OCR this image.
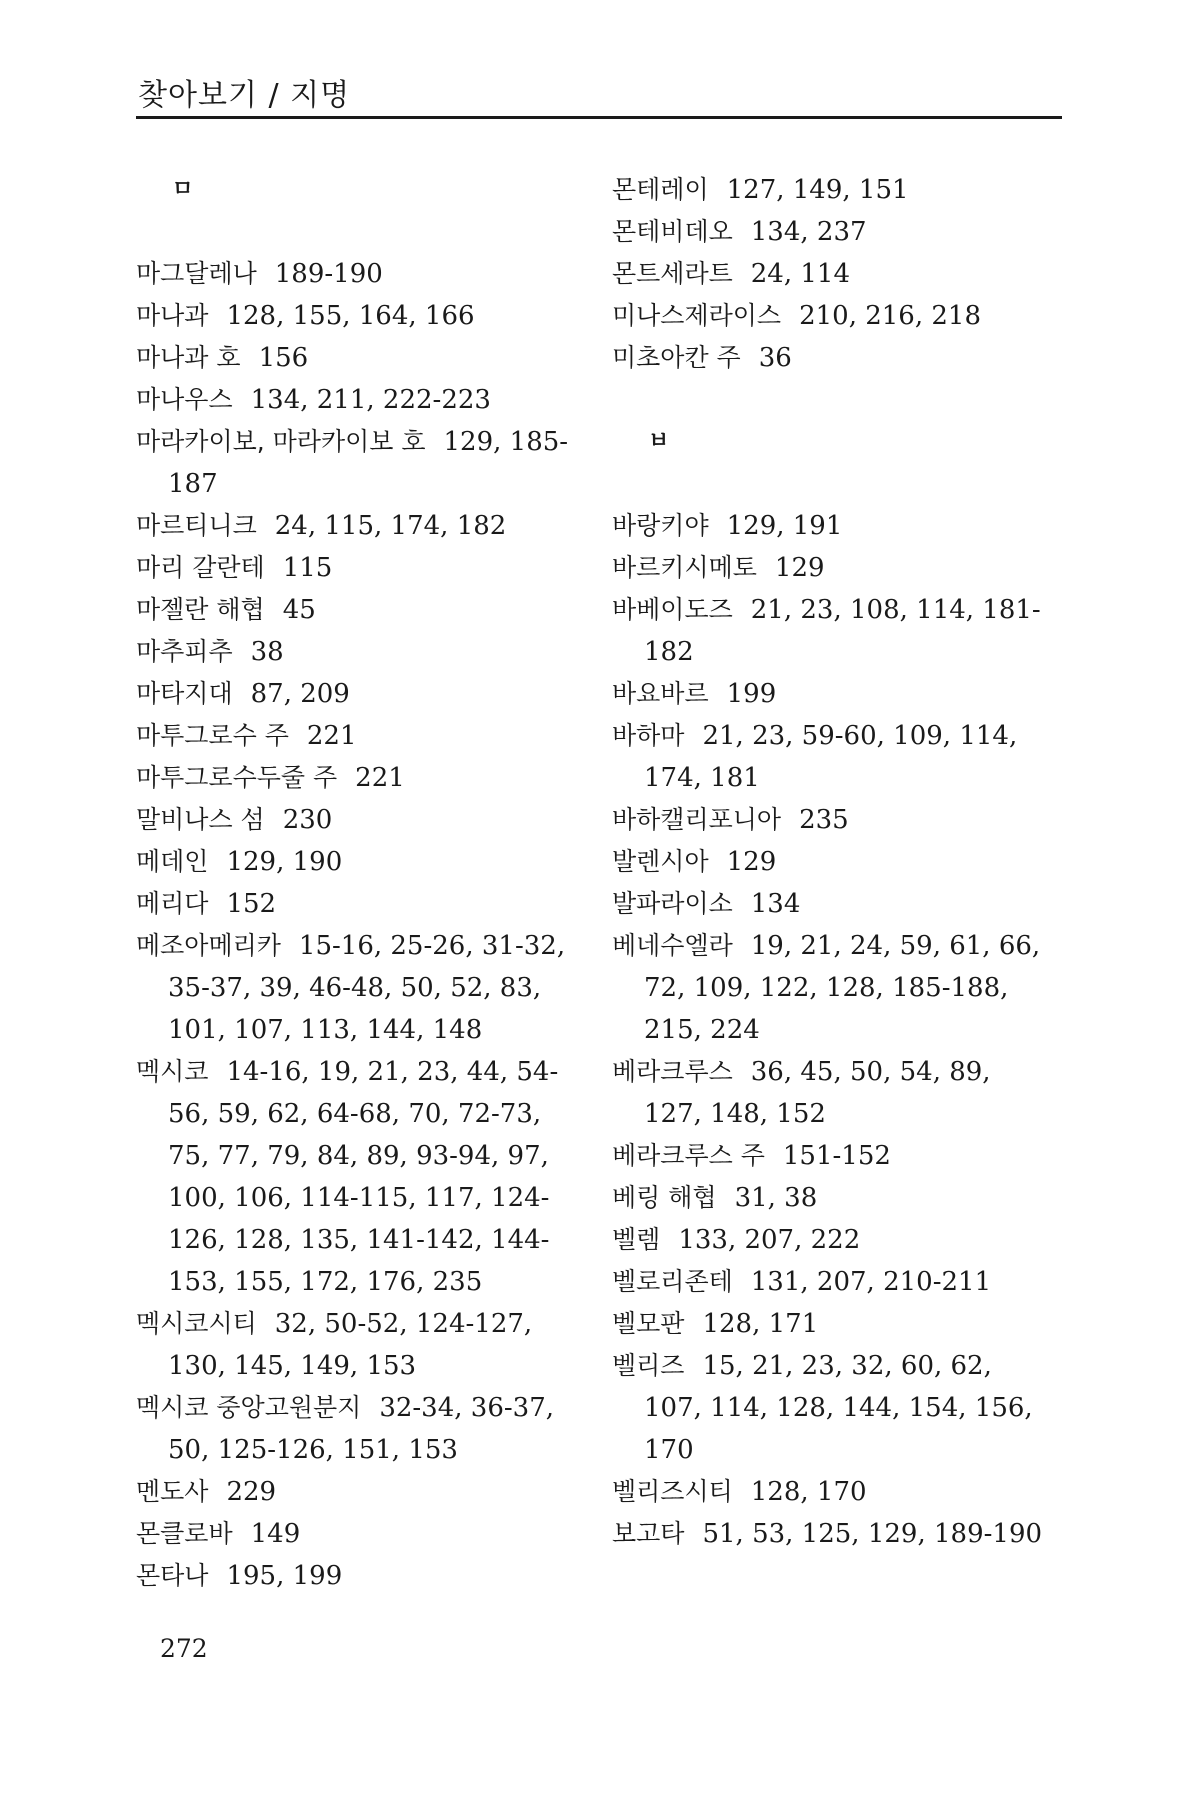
찾아보기 / 지명
ㅁ
마그달레나 189-190
마나과 128, 155, 164, 166
마나과 호 156
마나우스 134, 211, 222-223
마라카이보, 마라카이보 호 129, 185-187
마르티니크 24, 115, 174, 182
마리 갈란테 115
마젤란 해협 45
마추피추 38
마타지대 87, 209
마투그로수 주 221
마투그로수두줄 주 221
말비나스 섬 230
메데인 129, 190
메리다 152
메조아메리카 15-16, 25-26, 31-32, 35-37, 39, 46-48, 50, 52, 83, 101, 107, 113, 144, 148
멕시코 14-16, 19, 21, 23, 44, 54-56, 59, 62, 64-68, 70, 72-73, 75, 77, 79, 84, 89, 93-94, 97, 100, 106, 114-115, 117, 124-126, 128, 135, 141-142, 144-153, 155, 172, 176, 235
멕시코시티 32, 50-52, 124-127, 130, 145, 149, 153
멕시코 중앙고원분지 32-34, 36-37, 50, 125-126, 151, 153
멘도사 229
몬클로바 149
몬타나 195, 199
몬테레이 127, 149, 151
몬테비데오 134, 237
몬트세라트 24, 114
미나스제라이스 210, 216, 218
미초아칸 주 36
ㅂ
바랑키야 129, 191
바르키시메토 129
바베이도즈 21, 23, 108, 114, 181-182
바요바르 199
바하마 21, 23, 59-60, 109, 114, 174, 181
바하캘리포니아 235
발렌시아 129
발파라이소 134
베네수엘라 19, 21, 24, 59, 61, 66, 72, 109, 122, 128, 185-188, 215, 224
베라크루스 36, 45, 50, 54, 89, 127, 148, 152
베라크루스 주 151-152
베링 해협 31, 38
벨렘 133, 207, 222
벨로리존테 131, 207, 210-211
벨모판 128, 171
벨리즈 15, 21, 23, 32, 60, 62, 107, 114, 128, 144, 154, 156, 170
벨리즈시티 128, 170
보고타 51, 53, 125, 129, 189-190
272
